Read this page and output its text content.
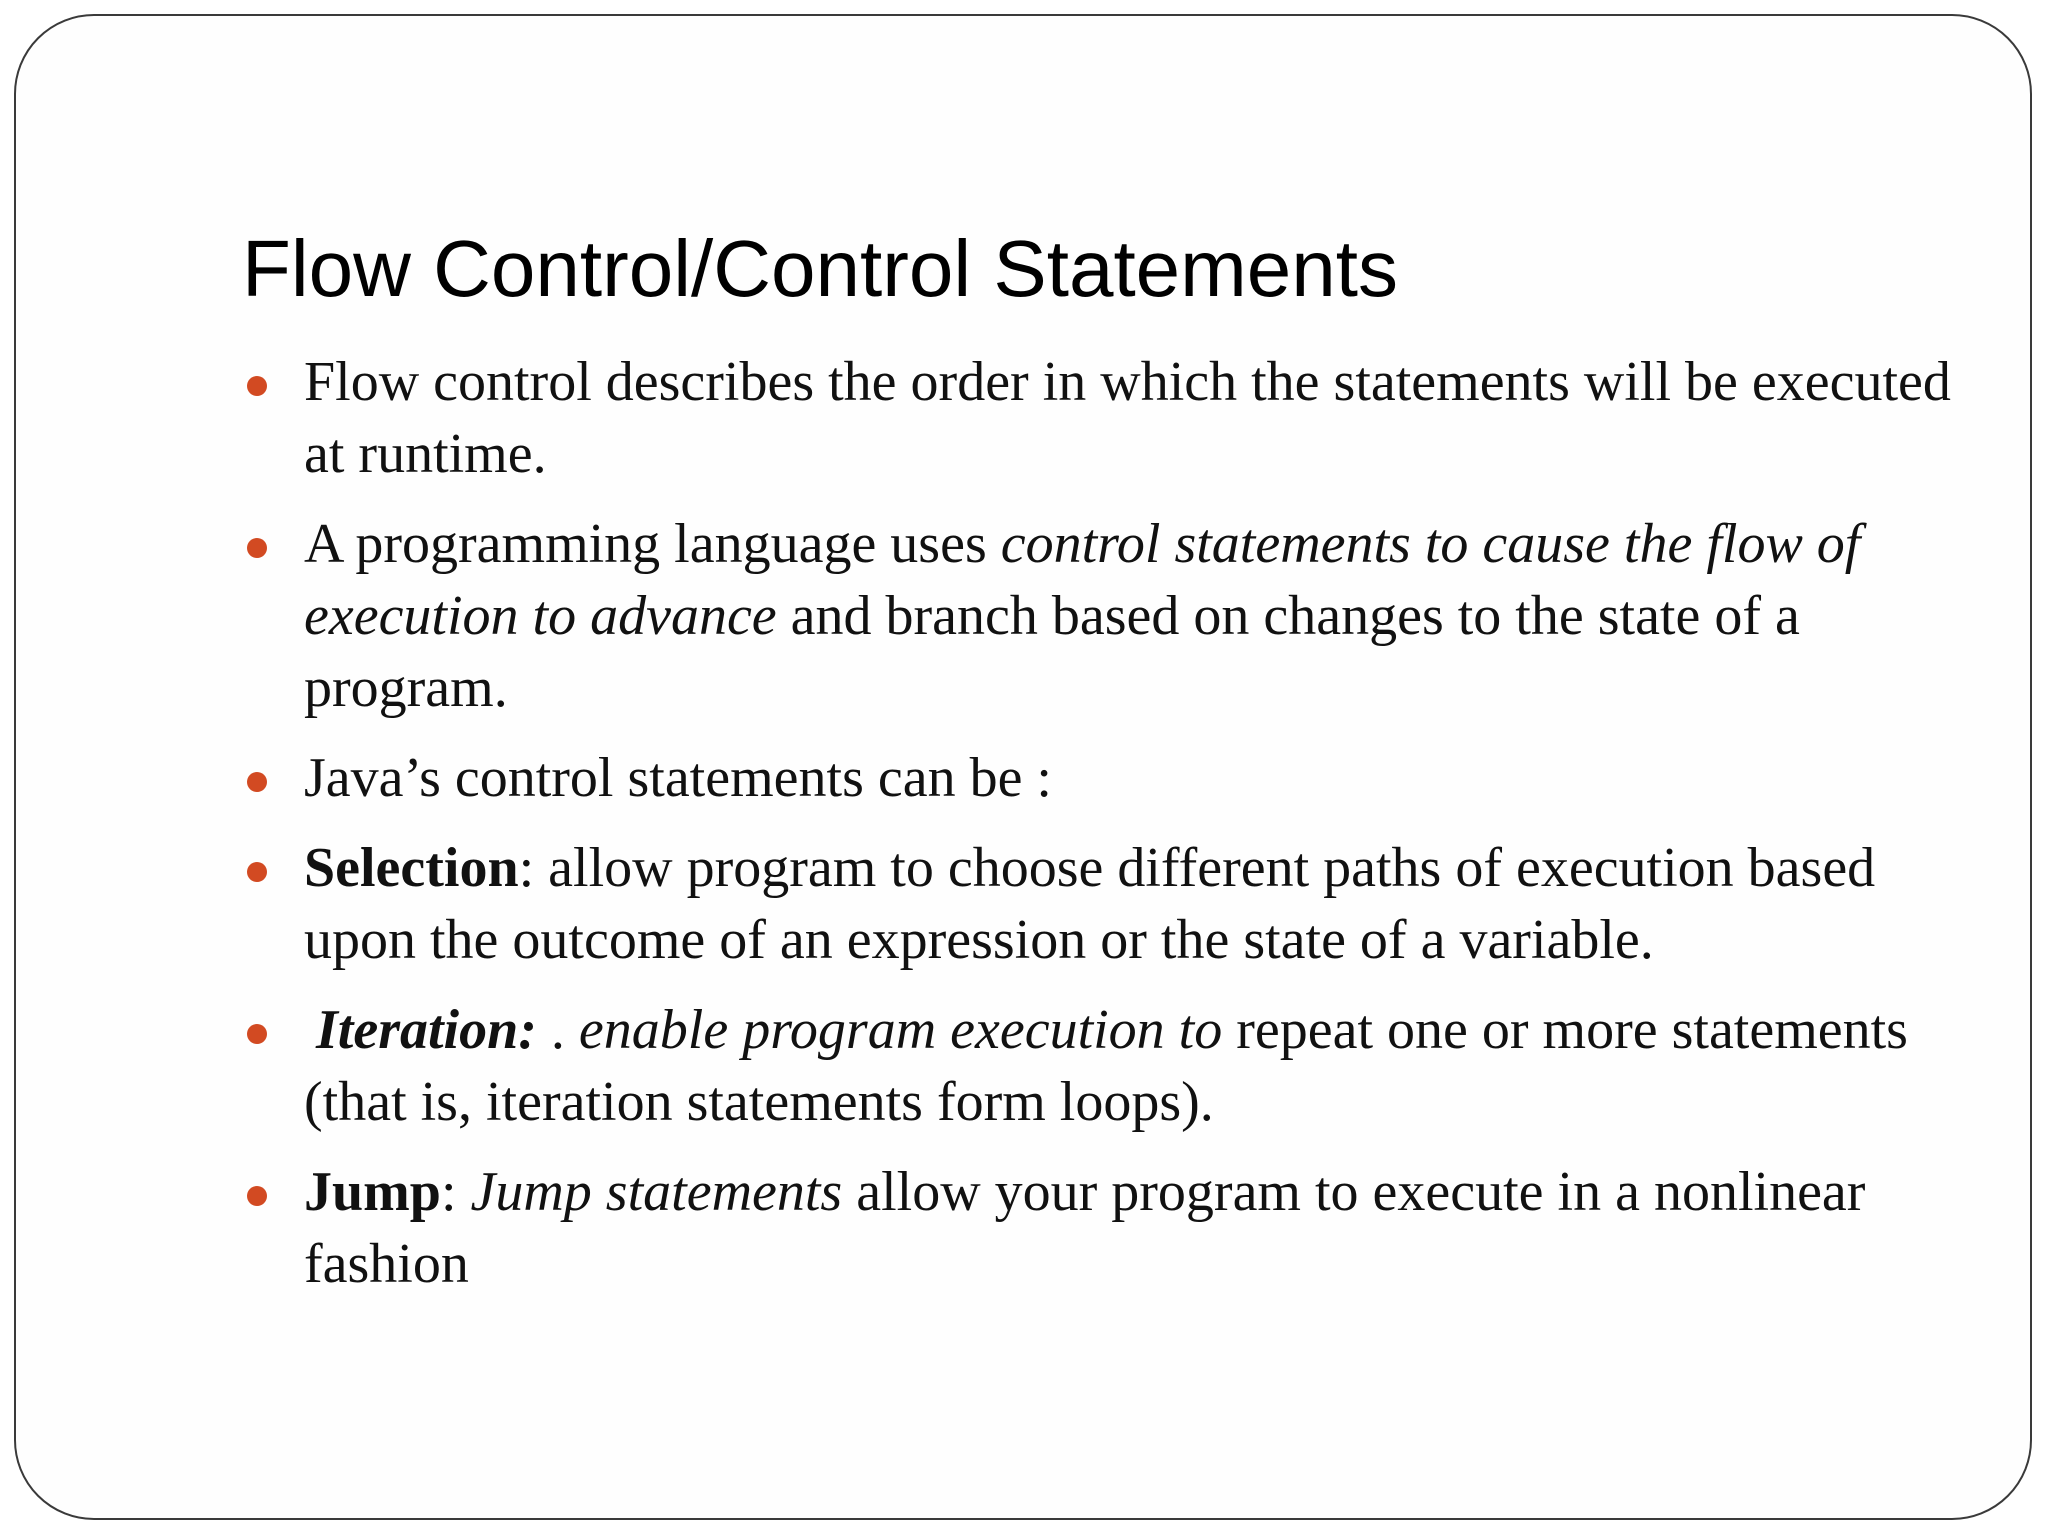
Flow Control/Control Statements
Flow control describes the order in which the statements will be executed at runtime.
A programming language uses control statements to cause the flow of execution to advance and branch based on changes to the state of a program.
Java’s control statements can be :
Selection: allow program to choose different paths of execution based upon the outcome of an expression or the state of a variable.
Iteration: . enable program execution to repeat one or more statements (that is, iteration statements form loops).
Jump: Jump statements allow your program to execute in a nonlinear fashion
